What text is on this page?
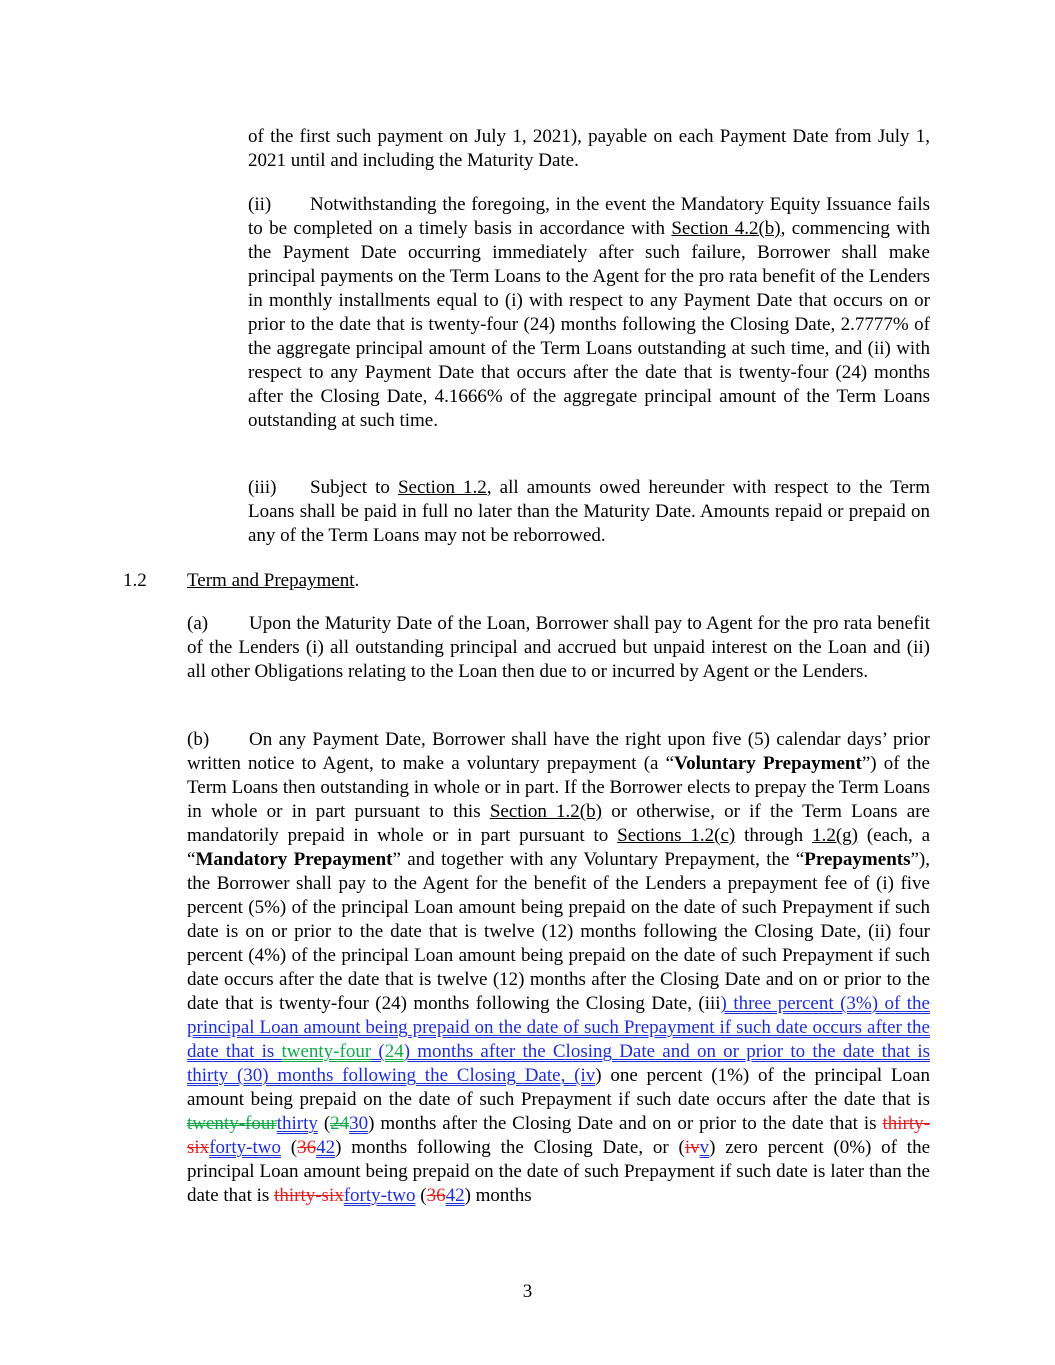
of the first such payment on July 1, 2021), payable on each Payment Date from July 1, 2021 until and including the Maturity Date.

(ii) Notwithstanding the foregoing, in the event the Mandatory Equity Issuance fails to be completed on a timely basis in accordance with Section 4.2(b), commencing with the Payment Date occurring immediately after such failure, Borrower shall make principal payments on the Term Loans to the Agent for the pro rata benefit of the Lenders in monthly installments equal to (i) with respect to any Payment Date that occurs on or prior to the date that is twenty-four (24) months following the Closing Date, 2.7777% of the aggregate principal amount of the Term Loans outstanding at such time, and (ii) with respect to any Payment Date that occurs after the date that is twenty-four (24) months after the Closing Date, 4.1666% of the aggregate principal amount of the Term Loans outstanding at such time.

(iii) Subject to Section 1.2, all amounts owed hereunder with respect to the Term Loans shall be paid in full no later than the Maturity Date. Amounts repaid or prepaid on any of the Term Loans may not be reborrowed.

1.2 Term and Prepayment.

(a) Upon the Maturity Date of the Loan, Borrower shall pay to Agent for the pro rata benefit of the Lenders (i) all outstanding principal and accrued but unpaid interest on the Loan and (ii) all other Obligations relating to the Loan then due to or incurred by Agent or the Lenders.

(b) On any Payment Date, Borrower shall have the right upon five (5) calendar days’ prior written notice to Agent, to make a voluntary prepayment (a “Voluntary Prepayment”) of the Term Loans then outstanding in whole or in part. If the Borrower elects to prepay the Term Loans in whole or in part pursuant to this Section 1.2(b) or otherwise, or if the Term Loans are mandatorily prepaid in whole or in part pursuant to Sections 1.2(c) through 1.2(g) (each, a “Mandatory Prepayment” and together with any Voluntary Prepayment, the “Prepayments”), the Borrower shall pay to the Agent for the benefit of the Lenders a prepayment fee of (i) five percent (5%) of the principal Loan amount being prepaid on the date of such Prepayment if such date is on or prior to the date that is twelve (12) months following the Closing Date, (ii) four percent (4%) of the principal Loan amount being prepaid on the date of such Prepayment if such date occurs after the date that is twelve (12) months after the Closing Date and on or prior to the date that is twenty-four (24) months following the Closing Date, (iii) three percent (3%) of the principal Loan amount being prepaid on the date of such Prepayment if such date occurs after the date that is twenty-four (24) months after the Closing Date and on or prior to the date that is thirty (30) months following the Closing Date, (iv) one percent (1%) of the principal Loan amount being prepaid on the date of such Prepayment if such date occurs after the date that is twenty-fourthirty (2430) months after the Closing Date and on or prior to the date that is thirty-sixforty-two (3642) months following the Closing Date, or (ivv) zero percent (0%) of the principal Loan amount being prepaid on the date of such Prepayment if such date is later than the date that is thirty-sixforty-two (3642) months

3
